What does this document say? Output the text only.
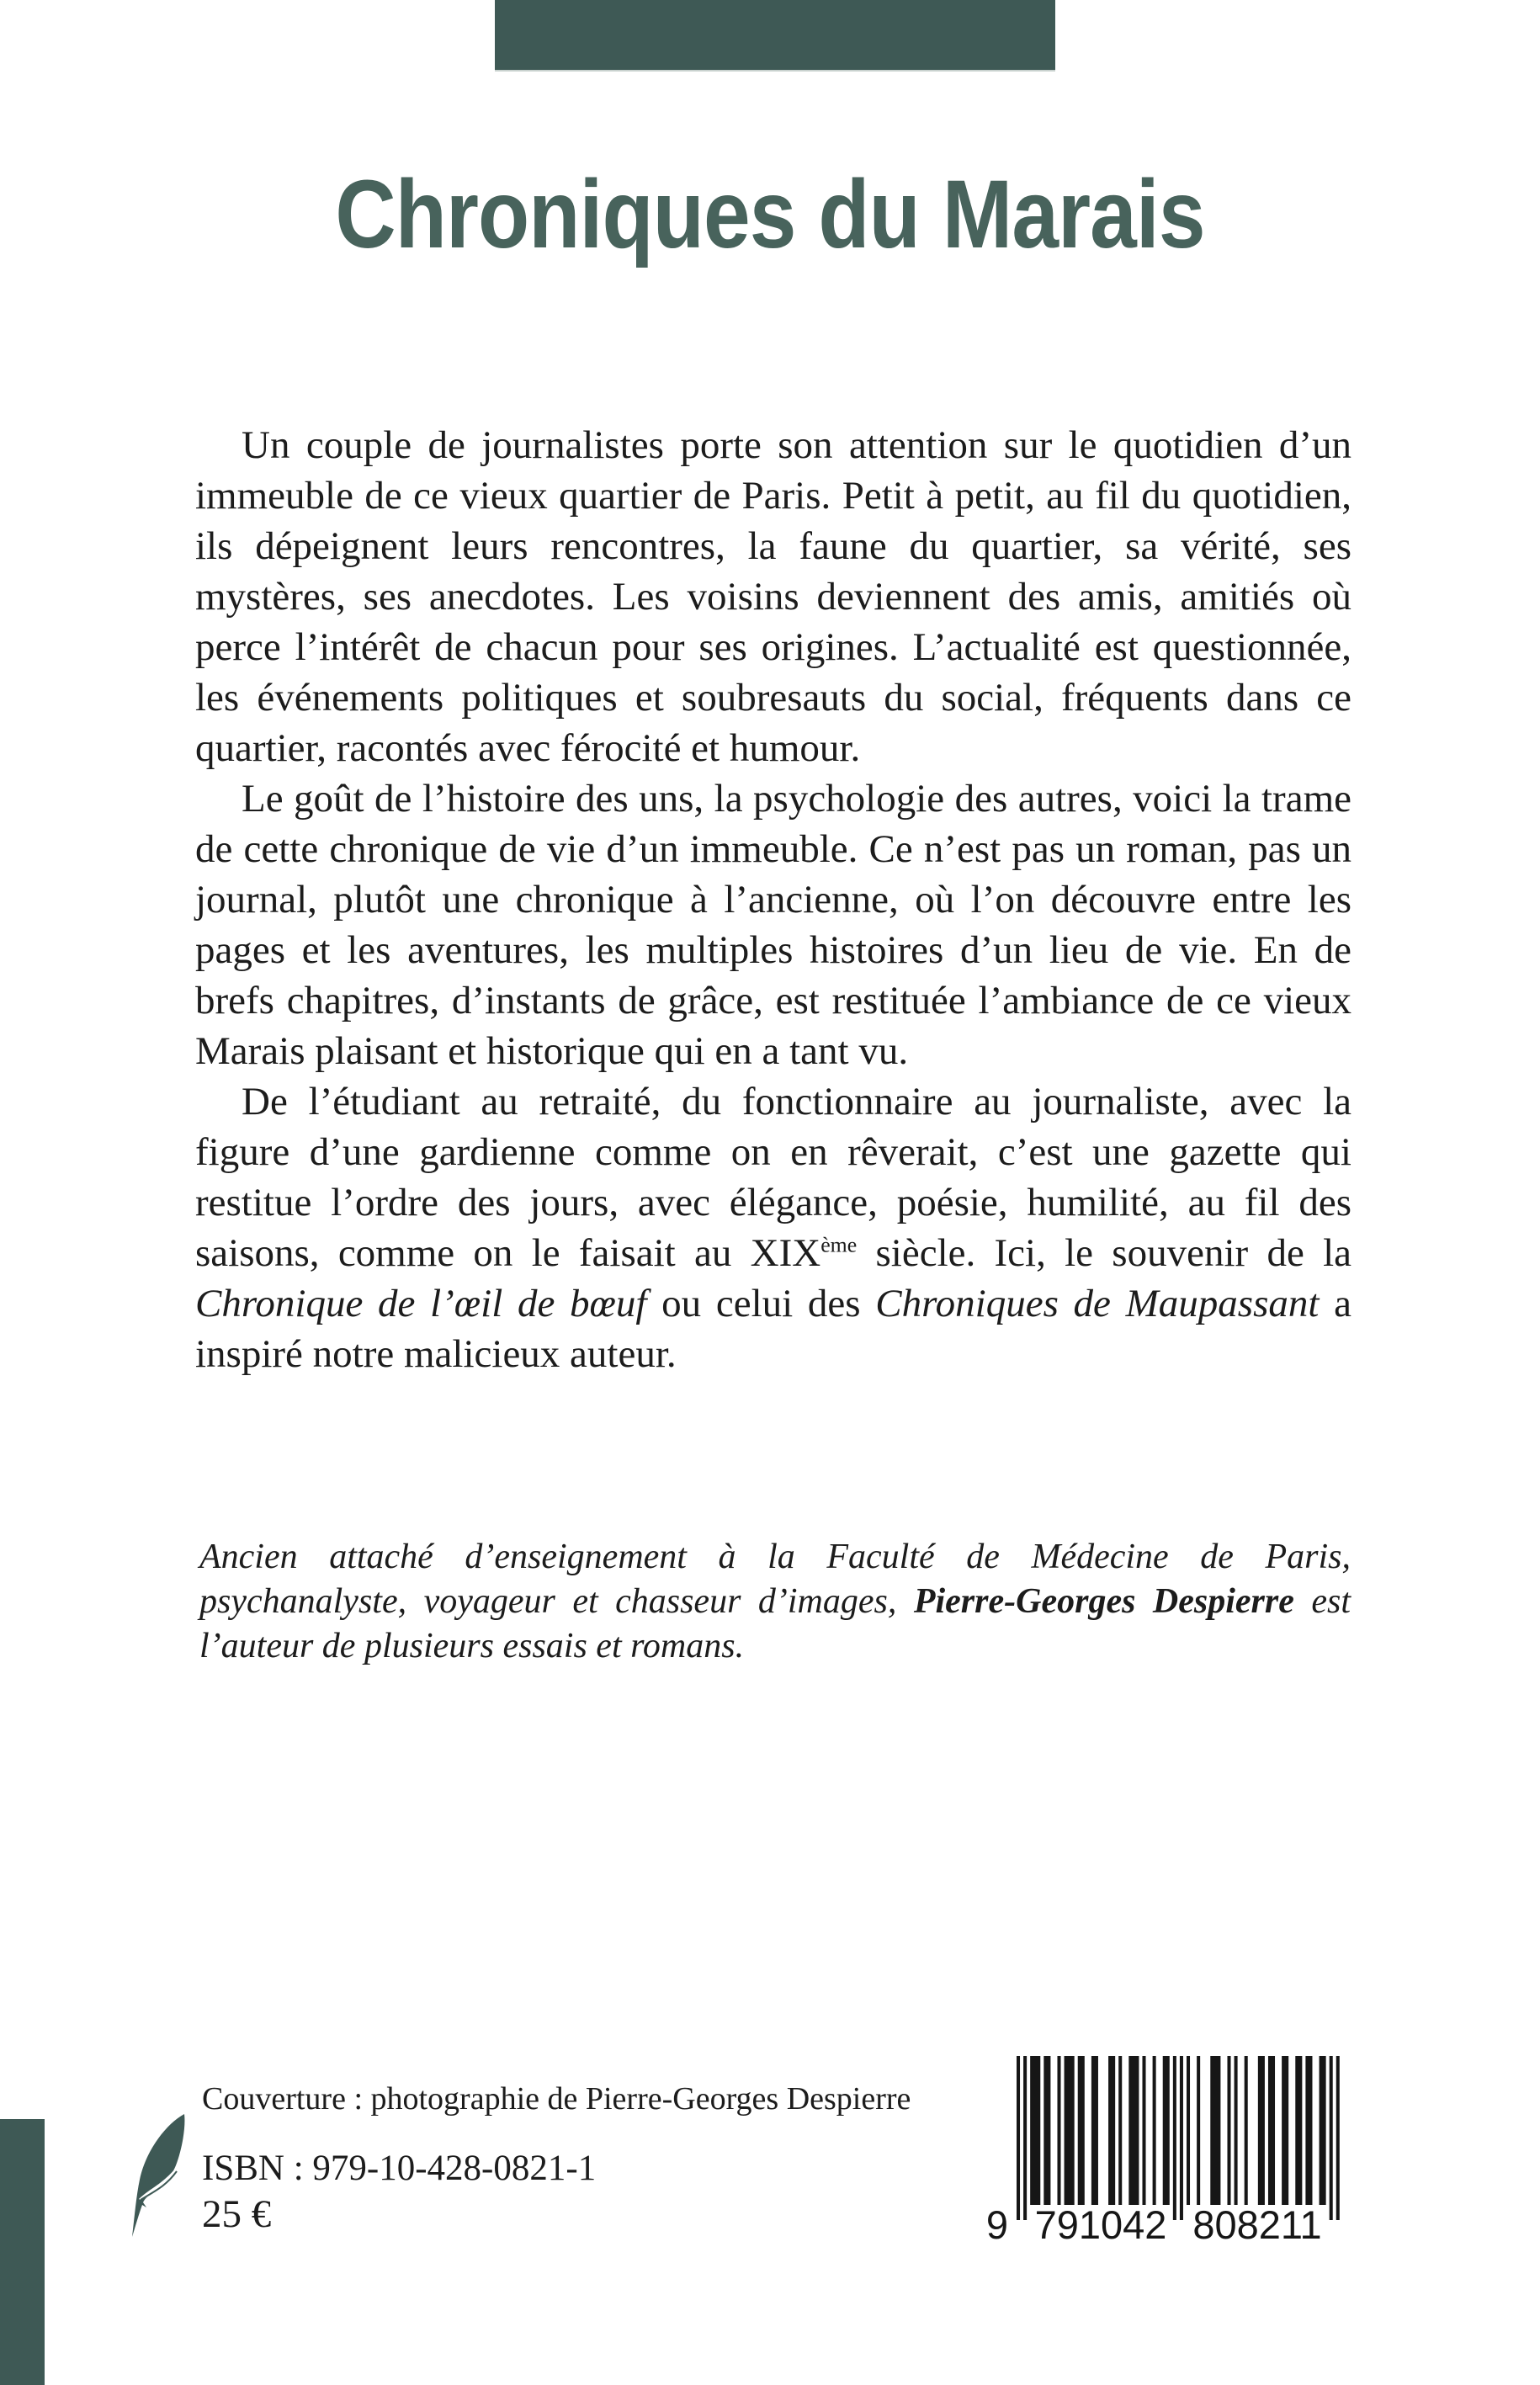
Chroniques du Marais

Un couple de journalistes porte son attention sur le quotidien d’un immeuble de ce vieux quartier de Paris. Petit à petit, au fil du quotidien, ils dépeignent leurs rencontres, la faune du quartier, sa vérité, ses mystères, ses anecdotes. Les voisins deviennent des amis, amitiés où perce l’intérêt de chacun pour ses origines. L’actualité est questionnée, les événements politiques et soubresauts du social, fréquents dans ce quartier, racontés avec férocité et humour.

Le goût de l’histoire des uns, la psychologie des autres, voici la trame de cette chronique de vie d’un immeuble. Ce n’est pas un roman, pas un journal, plutôt une chronique à l’ancienne, où l’on découvre entre les pages et les aventures, les multiples histoires d’un lieu de vie. En de brefs chapitres, d’instants de grâce, est restituée l’ambiance de ce vieux Marais plaisant et historique qui en a tant vu.

De l’étudiant au retraité, du fonctionnaire au journaliste, avec la figure d’une gardienne comme on en rêverait, c’est une gazette qui restitue l’ordre des jours, avec élégance, poésie, humilité, au fil des saisons, comme on le faisait au XIXème siècle. Ici, le souvenir de la Chronique de l’œil de bœuf ou celui des Chroniques de Maupassant a inspiré notre malicieux auteur.

Ancien attaché d’enseignement à la Faculté de Médecine de Paris, psychanalyste, voyageur et chasseur d’images, Pierre-Georges Despierre est l’auteur de plusieurs essais et romans.

Couverture : photographie de Pierre-Georges Despierre

ISBN : 979-10-428-0821-1

25 €	9 791042 808211
